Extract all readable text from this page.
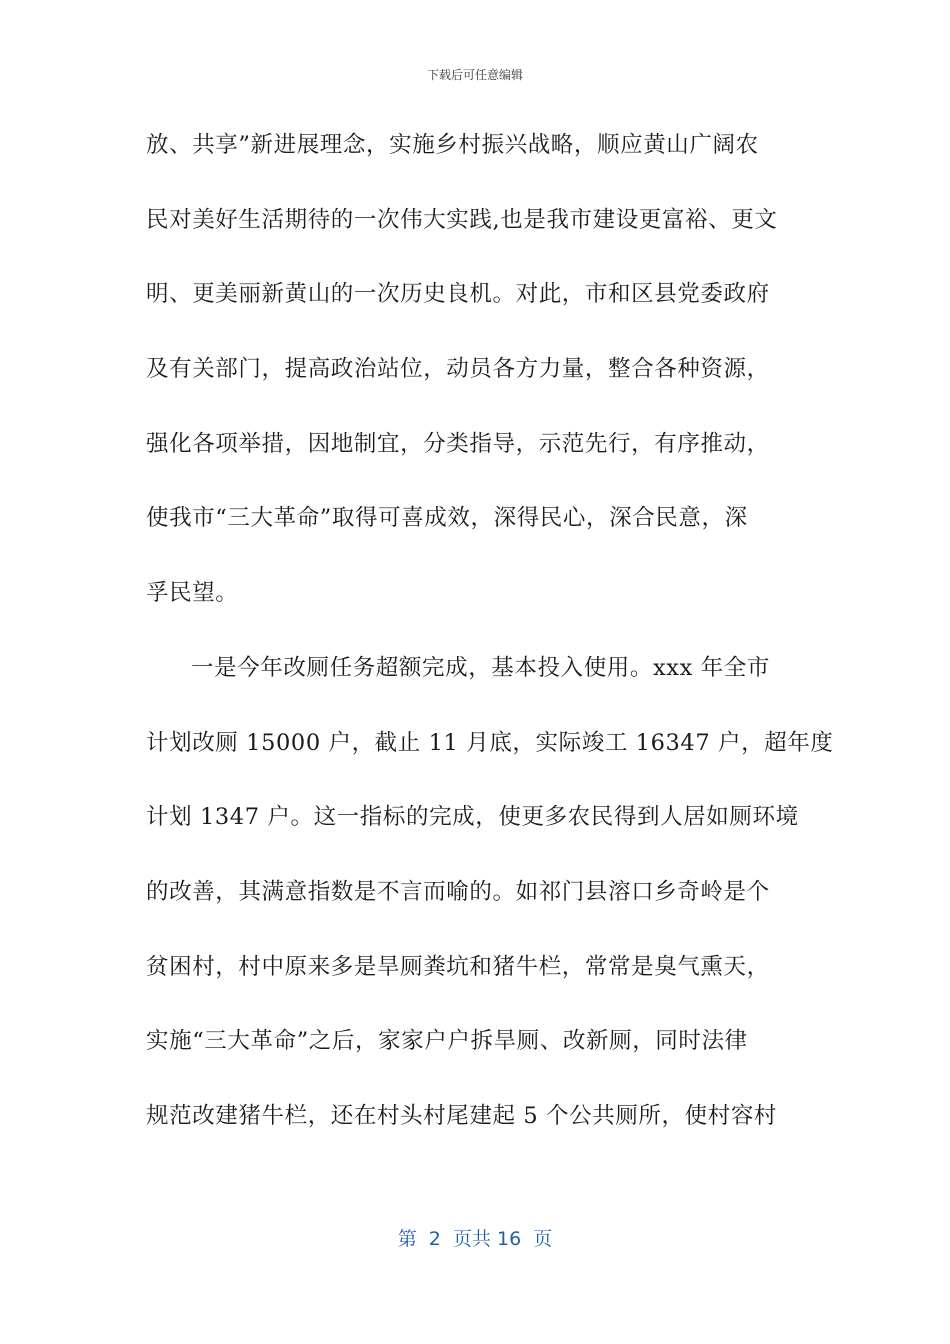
下载后可任意编辑
放、共享”新进展理念，实施乡村振兴战略，顺应黄山广阔农
民对美好生活期待的一次伟大实践,也是我市建设更富裕、更文
明、更美丽新黄山的一次历史良机。对此，市和区县党委政府
及有关部门，提高政治站位，动员各方力量，整合各种资源，
强化各项举措，因地制宜，分类指导，示范先行，有序推动，
使我市“三大革命”取得可喜成效，深得民心，深合民意，深
孚民望。
一是今年改厕任务超额完成，基本投入使用。xxx 年全市
计划改厕 15000 户，截止 11 月底，实际竣工 16347 户，超年度
计划 1347 户。这一指标的完成，使更多农民得到人居如厕环境
的改善，其满意指数是不言而喻的。如祁门县溶口乡奇岭是个
贫困村，村中原来多是旱厕粪坑和猪牛栏，常常是臭气熏天，
实施“三大革命”之后，家家户户拆旱厕、改新厕，同时法律
规范改建猪牛栏，还在村头村尾建起 5 个公共厕所，使村容村
第  2  页共 16  页
